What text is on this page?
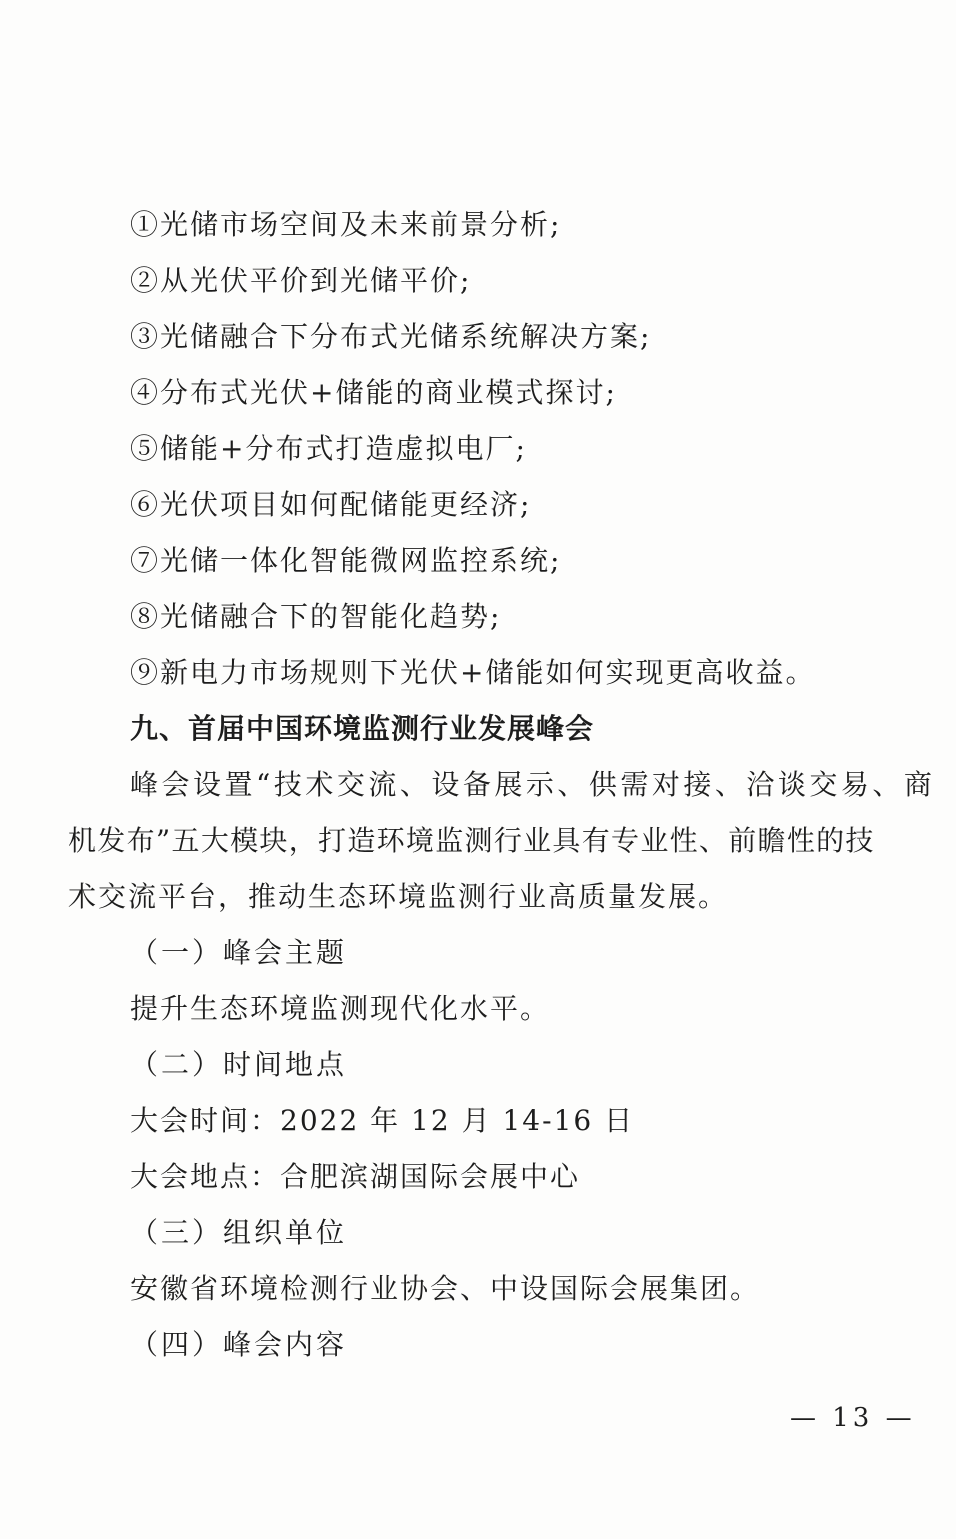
①光储市场空间及未来前景分析;
②从光伏平价到光储平价;
③光储融合下分布式光储系统解决方案;
④分布式光伏+储能的商业模式探讨;
⑤储能+分布式打造虚拟电厂;
⑥光伏项目如何配储能更经济;
⑦光储一体化智能微网监控系统;
⑧光储融合下的智能化趋势;
⑨新电力市场规则下光伏+储能如何实现更高收益。
九、首届中国环境监测行业发展峰会
峰会设置“技术交流、设备展示、供需对接、洽谈交易、商
机发布”五大模块，打造环境监测行业具有专业性、前瞻性的技
术交流平台，推动生态环境监测行业高质量发展。
（一）峰会主题
提升生态环境监测现代化水平。
（二）时间地点
大会时间：2022 年 12 月 14-16 日
大会地点：合肥滨湖国际会展中心
（三）组织单位
安徽省环境检测行业协会、中设国际会展集团。
（四）峰会内容
— 13 —
